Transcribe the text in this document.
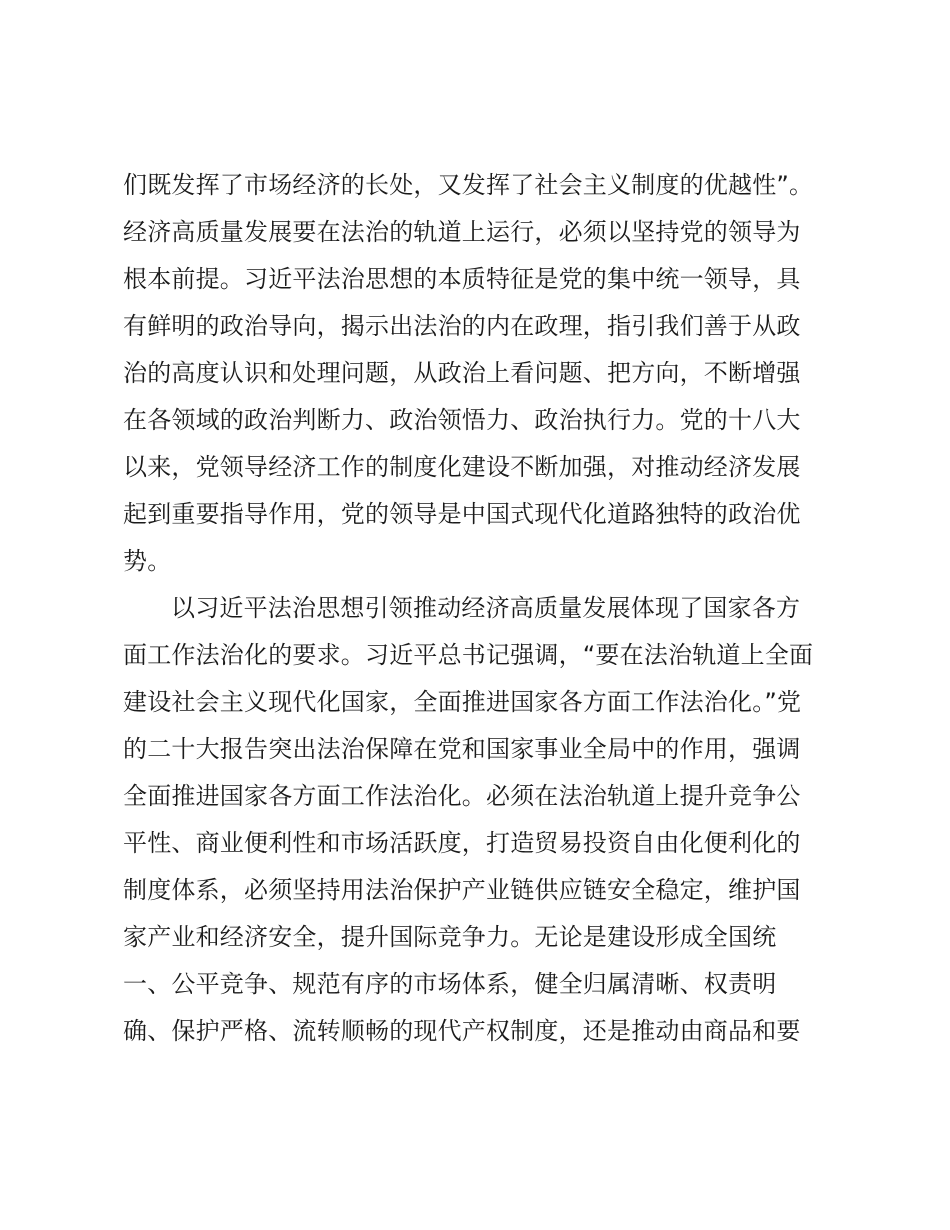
们既发挥了市场经济的长处，又发挥了社会主义制度的优越性”。

经济高质量发展要在法治的轨道上运行，必须以坚持党的领导为

根本前提。习近平法治思想的本质特征是党的集中统一领导，具

有鲜明的政治导向，揭示出法治的内在政理，指引我们善于从政

治的高度认识和处理问题，从政治上看问题、把方向，不断增强

在各领域的政治判断力、政治领悟力、政治执行力。党的十八大

以来，党领导经济工作的制度化建设不断加强，对推动经济发展

起到重要指导作用，党的领导是中国式现代化道路独特的政治优

势。

以习近平法治思想引领推动经济高质量发展体现了国家各方

面工作法治化的要求。习近平总书记强调，“要在法治轨道上全面

建设社会主义现代化国家，全面推进国家各方面工作法治化。”党

的二十大报告突出法治保障在党和国家事业全局中的作用，强调

全面推进国家各方面工作法治化。必须在法治轨道上提升竞争公

平性、商业便利性和市场活跃度，打造贸易投资自由化便利化的

制度体系，必须坚持用法治保护产业链供应链安全稳定，维护国

家产业和经济安全，提升国际竞争力。无论是建设形成全国统

一、公平竞争、规范有序的市场体系，健全归属清晰、权责明

确、保护严格、流转顺畅的现代产权制度，还是推动由商品和要
